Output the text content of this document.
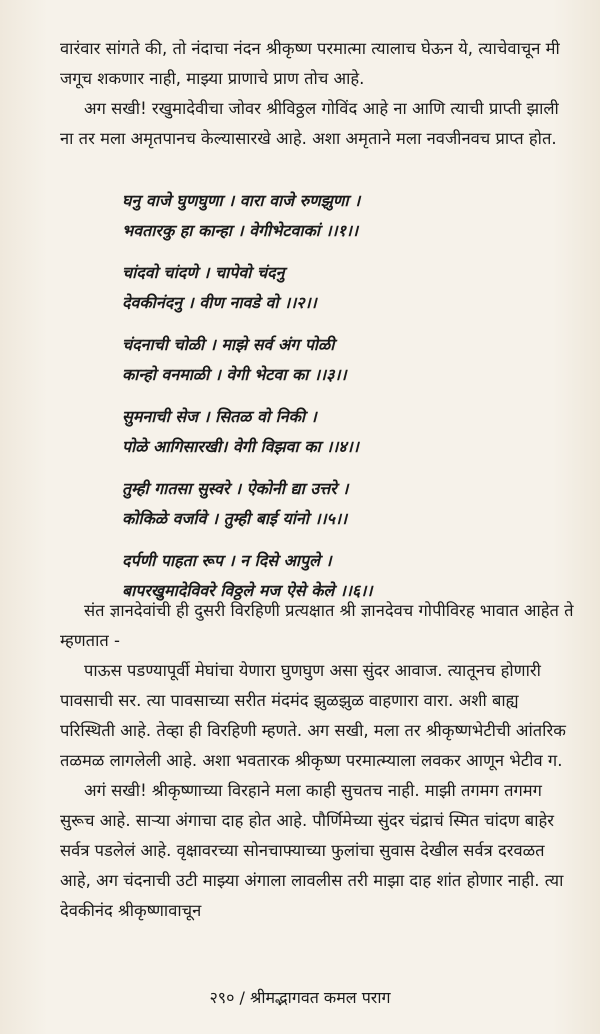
वारंवार सांगते की, तो नंदाचा नंदन श्रीकृष्ण परमात्मा त्यालाच घेऊन ये, त्याचेवाचून मी जगूच शकणार नाही, माझ्या प्राणाचे प्राण तोच आहे.

अग सखी! रखुमादेवीचा जोवर श्रीविठ्ठल गोविंद आहे ना आणि त्याची प्राप्ती झाली ना तर मला अमृतपानच केल्यासारखे आहे. अशा अमृताने मला नवजीनवच प्राप्त होत.

घनु वाजे घुणघुणा । वारा वाजे रुणझुणा ।
भवतारकु हा कान्हा । वेगीभेटवाकां ।।१।।
चांदवो चांदणे । चापेवो चंदनु
देवकीनंदनु । वीण नावडे वो ।।२।।
चंदनाची चोळी । माझे सर्व अंग पोळी
कान्हो वनमाळी । वेगी भेटवा का ।।३।।
सुमनाची सेज । सितळ वो निकी ।
पोळे आगिसारखी। वेगी विझवा का ।।४।।
तुम्ही गातसा सुस्वरे । ऐकोनी द्या उत्तरे ।
कोकिळे वर्जावे । तुम्ही बाई यांनो ।।५।।
दर्पणी पाहता रूप । न दिसे आपुले ।
बापरखुमादेविवरे विठ्ठले मज ऐसे केले ।।६।।

संत ज्ञानदेवांची ही दुसरी विरहिणी प्रत्यक्षात श्री ज्ञानदेवच गोपीविरह भावात आहेत ते म्हणतात -

पाऊस पडण्यापूर्वी मेघांचा येणारा घुणघुण असा सुंदर आवाज. त्यातूनच होणारी पावसाची सर. त्या पावसाच्या सरीत मंदमंद झुळझुळ वाहणारा वारा. अशी बाह्य परिस्थिती आहे. तेव्हा ही विरहिणी म्हणते. अग सखी, मला तर श्रीकृष्णभेटीची आंतरिक तळमळ लागलेली आहे. अशा भवतारक श्रीकृष्ण परमात्म्याला लवकर आणून भेटीव ग.

अगं सखी! श्रीकृष्णाच्या विरहाने मला काही सुचतच नाही. माझी तगमग तगमग सुरूच आहे. साऱ्या अंगाचा दाह होत आहे. पौर्णिमेच्या सुंदर चंद्राचं स्मित चांदण बाहेर सर्वत्र पडलेलं आहे. वृक्षावरच्या सोनचाफ्याच्या फुलांचा सुवास देखील सर्वत्र दरवळत आहे, अग चंदनाची उटी माझ्या अंगाला लावलीस तरी माझा दाह शांत होणार नाही. त्या देवकीनंद श्रीकृष्णावाचून

२९० / श्रीमद्भागवत कमल पराग
